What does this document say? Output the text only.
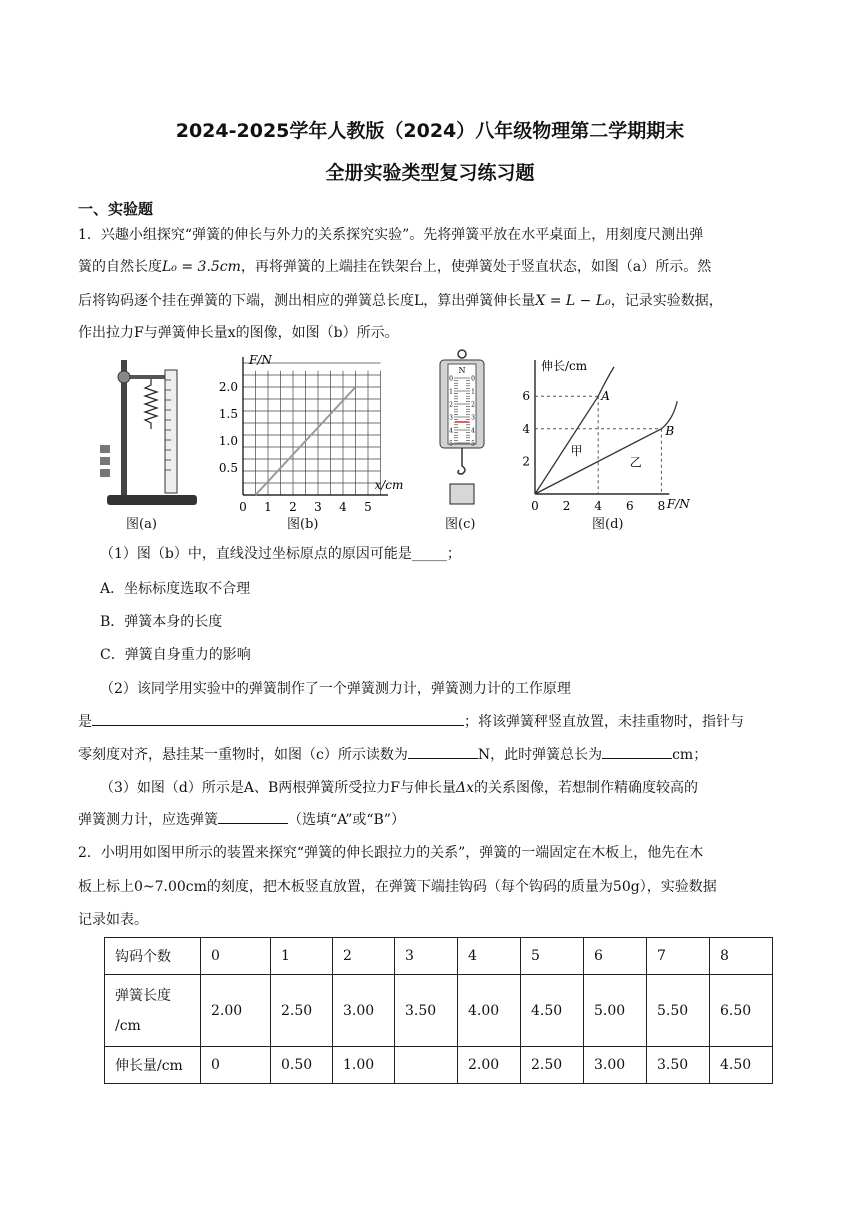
2024-2025学年人教版（2024）八年级物理第二学期期末
全册实验类型复习练习题
一、实验题
1．兴趣小组探究“弹簧的伸长与外力的关系探究实验”。先将弹簧平放在水平桌面上，用刻度尺测出弹
簧的自然长度L₀ = 3.5cm，再将弹簧的上端挂在铁架台上，使弹簧处于竖直状态，如图（a）所示。然
后将钩码逐个挂在弹簧的下端，测出相应的弹簧总长度L，算出弹簧伸长量X = L − L₀，记录实验数据，
作出拉力F与弹簧伸长量x的图像，如图（b）所示。
图(a)
F/N
x/cm
2.0
1.5
1.0
0.5
0 1 2 3 4 5
图(b)
N
0	0
1	1
2	2
3	3
4	4
5	5
图(c)
伸长/cm
F/N
6
4
2
0 2 4 6 8
A
B
甲
乙
图(d)
（1）图（b）中，直线没过坐标原点的原因可能是_____；
A．坐标标度选取不合理
B．弹簧本身的长度
C．弹簧自身重力的影响
（2）该同学用实验中的弹簧制作了一个弹簧测力计，弹簧测力计的工作原理
是	；将该弹簧秤竖直放置，未挂重物时，指针与
零刻度对齐，悬挂某一重物时，如图（c）所示读数为	N，此时弹簧总长为	cm；
（3）如图（d）所示是A、B两根弹簧所受拉力F与伸长量Δx的关系图像，若想制作精确度较高的
弹簧测力计，应选弹簧	（选填“A”或“B”）
2．小明用如图甲所示的装置来探究“弹簧的伸长跟拉力的关系”，弹簧的一端固定在木板上，他先在木
板上标上0~7.00cm的刻度，把木板竖直放置，在弹簧下端挂钩码（每个钩码的质量为50g），实验数据
记录如表。
钩码个数	0	1	2	3	4	5	6	7	8
弹簧长度
/cm	2.00	2.50	3.00	3.50	4.00	4.50	5.00	5.50	6.50
伸长量/cm	0	0.50	1.00		2.00	2.50	3.00	3.50	4.50
